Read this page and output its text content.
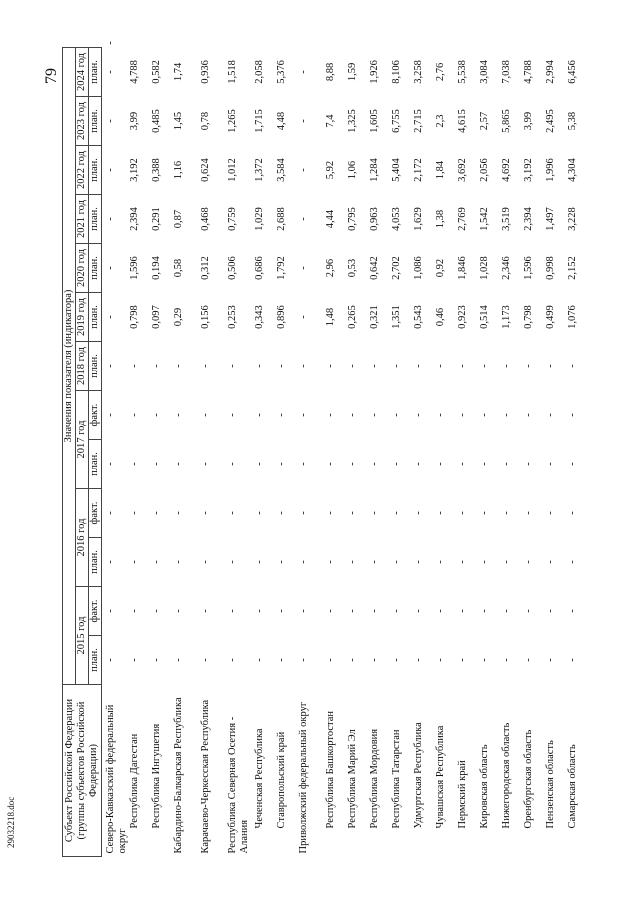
79
Субъект Российской Федерации (группы субъектов Российской Федерации)	Значения показателя (индикатора)													
	2015 год		2016 год		2017 год		2018 год	2019 год	2020 год	2021 год	2022 год	2023 год	2024 год	
	план.	факт.	план.	факт.	план.	факт.	план.	план.	план.	план.	план.	план.	план.	
Северо-Кавказский федеральный округ	-	-	-	-	-	-	-	-	-	-	-	-	-	-
Республика Дагестан	-	-	-	-	-	-	-	0,798	1,596	2,394	3,192	3,99	4,788	
Республика Ингушетия	-	-	-	-	-	-	-	0,097	0,194	0,291	0,388	0,485	0,582	
Кабардино-Балкарская Республика	-	-	-	-	-	-	-	0,29	0,58	0,87	1,16	1,45	1,74	
Карачаево-Черкесская Республика	-	-	-	-	-	-	-	0,156	0,312	0,468	0,624	0,78	0,936	
Республика Северная Осетия - Алания	-	-	-	-	-	-	-	0,253	0,506	0,759	1,012	1,265	1,518	
Чеченская Республика	-	-	-	-	-	-	-	0,343	0,686	1,029	1,372	1,715	2,058	
Ставропольский край	-	-	-	-	-	-	-	0,896	1,792	2,688	3,584	4,48	5,376	
Приволжский федеральный округ	-	-	-	-	-	-	-	-	-	-	-	-	-	
Республика Башкортостан	-	-	-	-	-	-	-	1,48	2,96	4,44	5,92	7,4	8,88	
Республика Марий Эл	-	-	-	-	-	-	-	0,265	0,53	0,795	1,06	1,325	1,59	
Республика Мордовия	-	-	-	-	-	-	-	0,321	0,642	0,963	1,284	1,605	1,926	
Республика Татарстан	-	-	-	-	-	-	-	1,351	2,702	4,053	5,404	6,755	8,106	
Удмуртская Республика	-	-	-	-	-	-	-	0,543	1,086	1,629	2,172	2,715	3,258	
Чувашская Республика	-	-	-	-	-	-	-	0,46	0,92	1,38	1,84	2,3	2,76	
Пермский край	-	-	-	-	-	-	-	0,923	1,846	2,769	3,692	4,615	5,538	
Кировская область	-	-	-	-	-	-	-	0,514	1,028	1,542	2,056	2,57	3,084	
Нижегородская область	-	-	-	-	-	-	-	1,173	2,346	3,519	4,692	5,865	7,038	
Оренбургская область	-	-	-	-	-	-	-	0,798	1,596	2,394	3,192	3,99	4,788	
Пензенская область	-	-	-	-	-	-	-	0,499	0,998	1,497	1,996	2,495	2,994	
Самарская область	-	-	-	-	-	-	-	1,076	2,152	3,228	4,304	5,38	6,456	
29032218.doc
